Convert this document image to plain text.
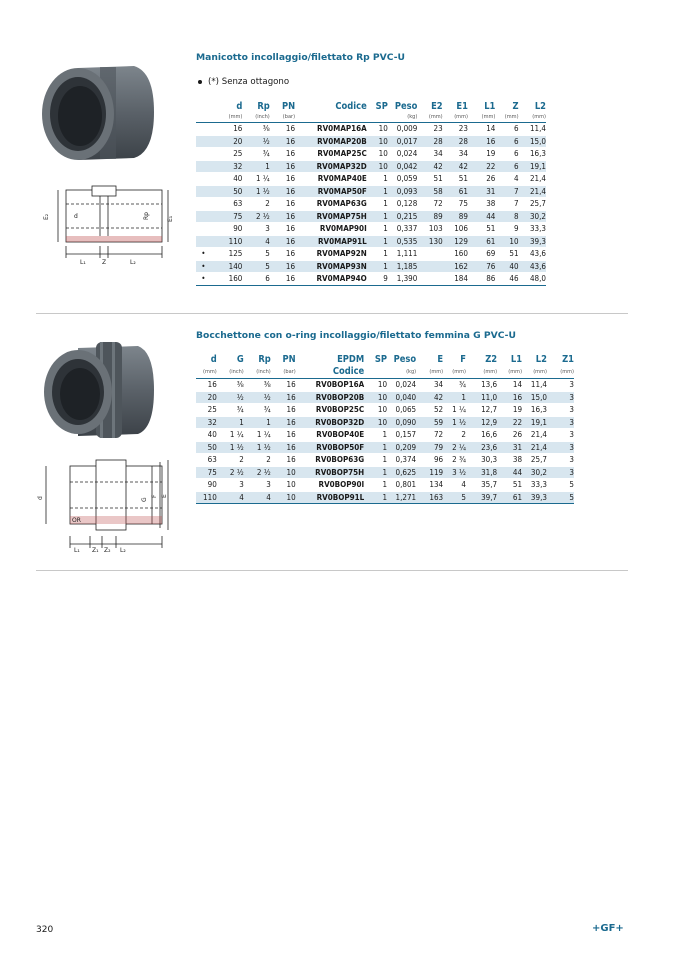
Manicotto incollaggio/filettato Rp PVC-U
(*) Senza ottagono
E₂	d	Rp	E₁
L₁	Z	L₂
	d	Rp	PN	Codice	SP	Peso	E2	E1	L1	Z	L2
	(mm)	(inch)	(bar)			(kg)	(mm)	(mm)	(mm)	(mm)	(mm)
	16	⅜	16	RV0MAP16A	10	0,009	23	23	14	6	11,4
	20	½	16	RV0MAP20B	10	0,017	28	28	16	6	15,0
	25	¾	16	RV0MAP25C	10	0,024	34	34	19	6	16,3
	32	1	16	RV0MAP32D	10	0,042	42	42	22	6	19,1
	40	1 ¼	16	RV0MAP40E	1	0,059	51	51	26	4	21,4
	50	1 ½	16	RV0MAP50F	1	0,093	58	61	31	7	21,4
	63	2	16	RV0MAP63G	1	0,128	72	75	38	7	25,7
	75	2 ½	16	RV0MAP75H	1	0,215	89	89	44	8	30,2
	90	3	16	RV0MAP90I	1	0,337	103	106	51	9	33,3
	110	4	16	RV0MAP91L	1	0,535	130	129	61	10	39,3
•	125	5	16	RV0MAP92N	1	1,111		160	69	51	43,6
•	140	5	16	RV0MAP93N	1	1,185		162	76	40	43,6
•	160	6	16	RV0MAP94O	9	1,390		184	86	46	48,0
Bocchettone con o-ring incollaggio/filettato femmina G PVC-U
d
OR
G
F E
L₁ Z₁ Z₂ L₂
d	G	Rp	PN	EPDM	SP	Peso	E	F	Z2	L1	L2	Z1
(mm)	(inch)	(inch)	(bar)	Codice		(kg)	(mm)	(mm)	(mm)	(mm)	(mm)	(mm)

16	⅜	⅜	16	RV0BOP16A	10	0,024	34	¾	13,6	14	11,4	3
20	½	½	16	RV0BOP20B	10	0,040	42	1	11,0	16	15,0	3
25	¾	¾	16	RV0BOP25C	10	0,065	52	1 ¼	12,7	19	16,3	3
32	1	1	16	RV0BOP32D	10	0,090	59	1 ½	12,9	22	19,1	3
40	1 ¼	1 ¼	16	RV0BOP40E	1	0,157	72	2	16,6	26	21,4	3
50	1 ½	1 ½	16	RV0BOP50F	1	0,209	79	2 ¼	23,6	31	21,4	3
63	2	2	16	RV0BOP63G	1	0,374	96	2 ¾	30,3	38	25,7	3
75	2 ½	2 ½	10	RV0BOP75H	1	0,625	119	3 ½	31,8	44	30,2	3
90	3	3	10	RV0BOP90I	1	0,801	134	4	35,7	51	33,3	5
110	4	4	10	RV0BOP91L	1	1,271	163	5	39,7	61	39,3	5
320	+GF+
